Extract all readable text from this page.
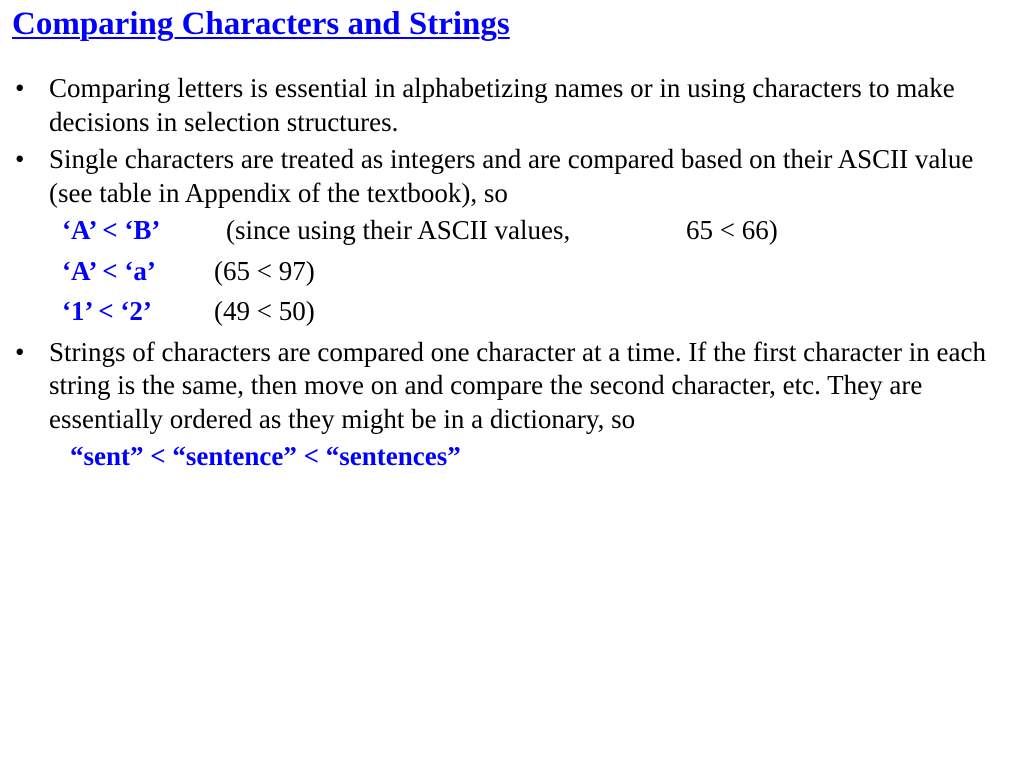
Comparing Characters and Strings
• Comparing letters is essential in alphabetizing names or in using characters to make decisions in selection structures.
• Single characters are treated as integers and are compared based on their ASCII value (see table in Appendix of the textbook), so
‘A’ < ‘B’ (since using their ASCII values,	65 < 66)
‘A’ < ‘a’ (65 < 97)
‘1’ < ‘2’ (49 < 50)
• Strings of characters are compared one character at a time. If the first character in each string is the same, then move on and compare the second character, etc. They are essentially ordered as they might be in a dictionary, so
“sent” < “sentence” < “sentences”
